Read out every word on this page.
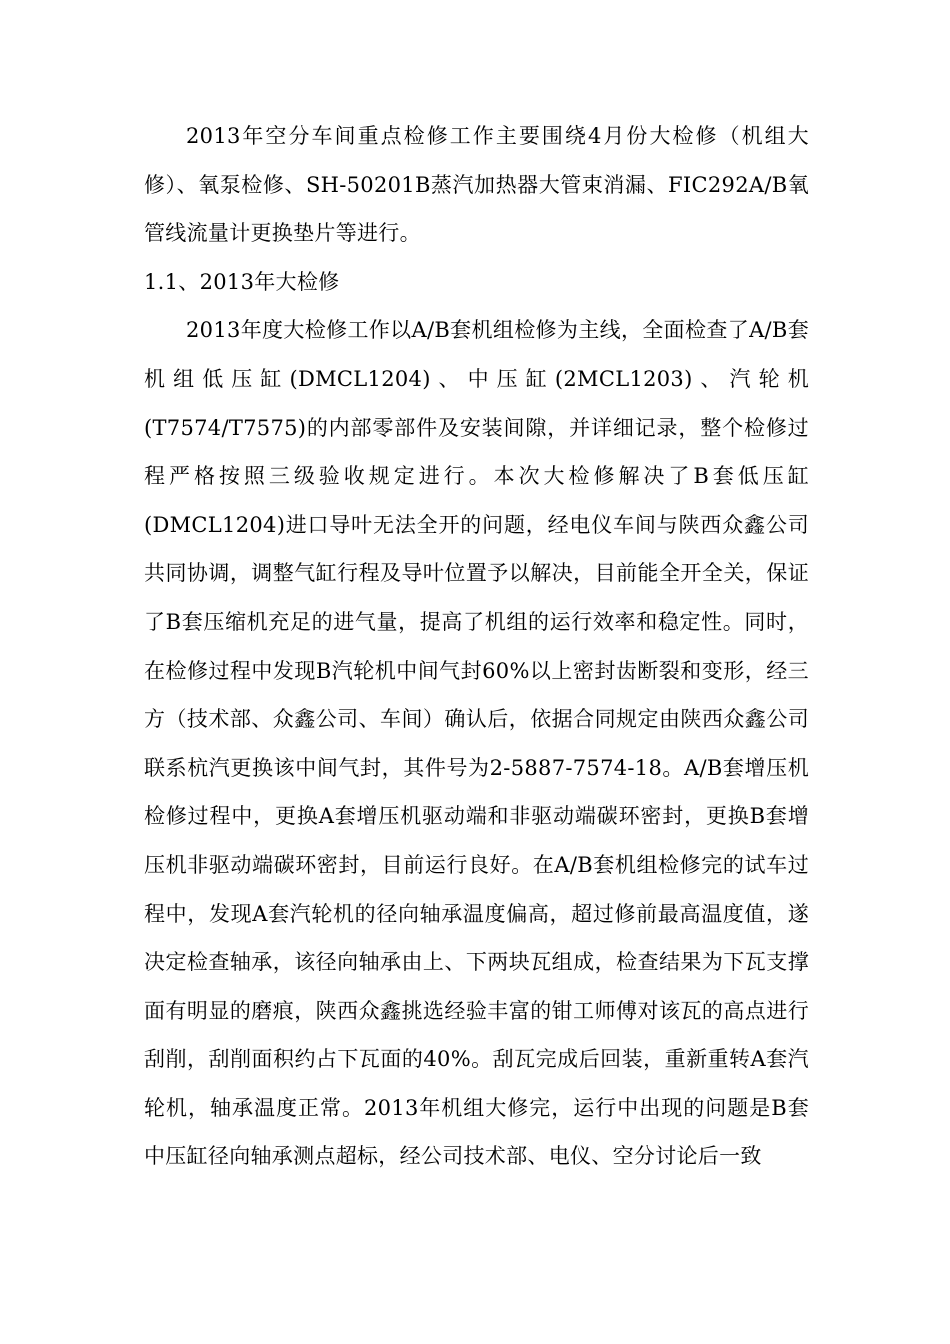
2013年空分车间重点检修工作主要围绕4月份大检修（机组大修）、氧泵检修、SH-50201B蒸汽加热器大管束消漏、FIC292A/B氧管线流量计更换垫片等进行。

1.1、2013年大检修

2013年度大检修工作以A/B套机组检修为主线，全面检查了A/B套机组低压缸(DMCL1204)、中压缸(2MCL1203)、汽轮机(T7574/T7575)的内部零部件及安装间隙，并详细记录，整个检修过程严格按照三级验收规定进行。本次大检修解决了B套低压缸(DMCL1204)进口导叶无法全开的问题，经电仪车间与陕西众鑫公司共同协调，调整气缸行程及导叶位置予以解决，目前能全开全关，保证了B套压缩机充足的进气量，提高了机组的运行效率和稳定性。同时，在检修过程中发现B汽轮机中间气封60%以上密封齿断裂和变形，经三方（技术部、众鑫公司、车间）确认后，依据合同规定由陕西众鑫公司联系杭汽更换该中间气封，其件号为2-5887-7574-18。A/B套增压机检修过程中，更换A套增压机驱动端和非驱动端碳环密封，更换B套增压机非驱动端碳环密封，目前运行良好。在A/B套机组检修完的试车过程中，发现A套汽轮机的径向轴承温度偏高，超过修前最高温度值，遂决定检查轴承，该径向轴承由上、下两块瓦组成，检查结果为下瓦支撑面有明显的磨痕，陕西众鑫挑选经验丰富的钳工师傅对该瓦的高点进行刮削，刮削面积约占下瓦面的40%。刮瓦完成后回装，重新重转A套汽轮机，轴承温度正常。2013年机组大修完，运行中出现的问题是B套中压缸径向轴承测点超标，经公司技术部、电仪、空分讨论后一致
